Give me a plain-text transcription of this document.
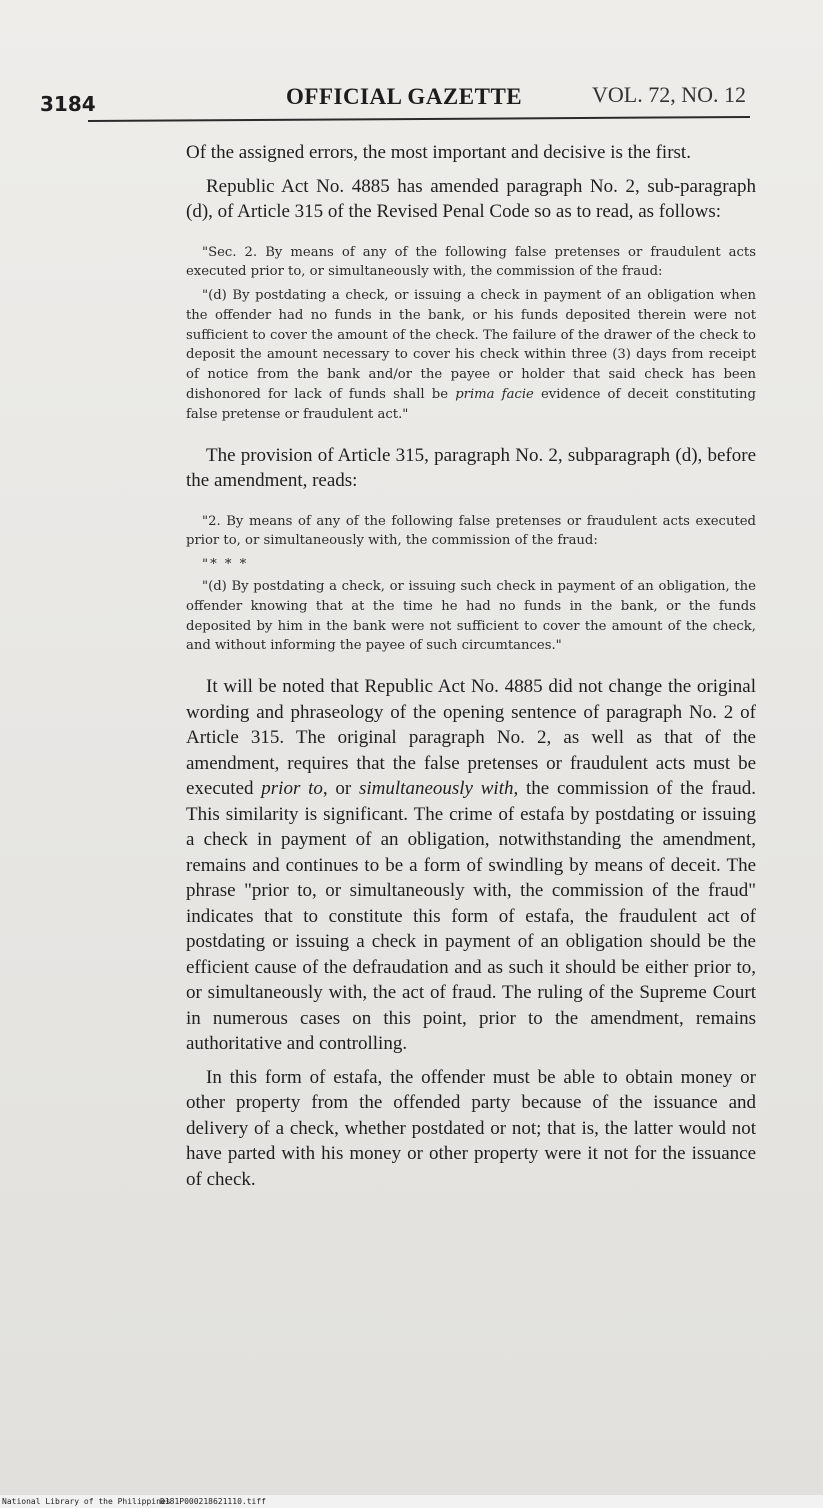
3184	OFFICIAL GAZETTE	VOL. 72, NO. 12

Of the assigned errors, the most important and decisive is the first.

Republic Act No. 4885 has amended paragraph No. 2, sub-paragraph (d), of Article 315 of the Revised Penal Code so as to read, as follows:

"Sec. 2. By means of any of the following false pretenses or fraudulent acts executed prior to, or simultaneously with, the commission of the fraud:

"(d) By postdating a check, or issuing a check in payment of an obligation when the offender had no funds in the bank, or his funds deposited therein were not sufficient to cover the amount of the check. The failure of the drawer of the check to deposit the amount necessary to cover his check within three (3) days from receipt of notice from the bank and/or the payee or holder that said check has been dishonored for lack of funds shall be prima facie evidence of deceit constituting false pretense or fraudulent act."

The provision of Article 315, paragraph No. 2, subparagraph (d), before the amendment, reads:

"2. By means of any of the following false pretenses or fraudulent acts executed prior to, or simultaneously with, the commission of the fraud:

"* * *

"(d) By postdating a check, or issuing such check in payment of an obligation, the offender knowing that at the time he had no funds in the bank, or the funds deposited by him in the bank were not sufficient to cover the amount of the check, and without informing the payee of such circumtances."

It will be noted that Republic Act No. 4885 did not change the original wording and phraseology of the opening sentence of paragraph No. 2 of Article 315. The original paragraph No. 2, as well as that of the amendment, requires that the false pretenses or fraudulent acts must be executed prior to, or simultaneously with, the commission of the fraud. This similarity is significant. The crime of estafa by postdating or issuing a check in payment of an obligation, notwithstanding the amendment, remains and continues to be a form of swindling by means of deceit. The phrase "prior to, or simultaneously with, the commission of the fraud" indicates that to constitute this form of estafa, the fraudulent act of postdating or issuing a check in payment of an obligation should be the efficient cause of the defraudation and as such it should be either prior to, or simultaneously with, the act of fraud. The ruling of the Supreme Court in numerous cases on this point, prior to the amendment, remains authoritative and controlling.

In this form of estafa, the offender must be able to obtain money or other property from the offended party because of the issuance and delivery of a check, whether postdated or not; that is, the latter would not have parted with his money or other property were it not for the issuance of check.

National Library of the Philippines
D181P000218621110.tiff
